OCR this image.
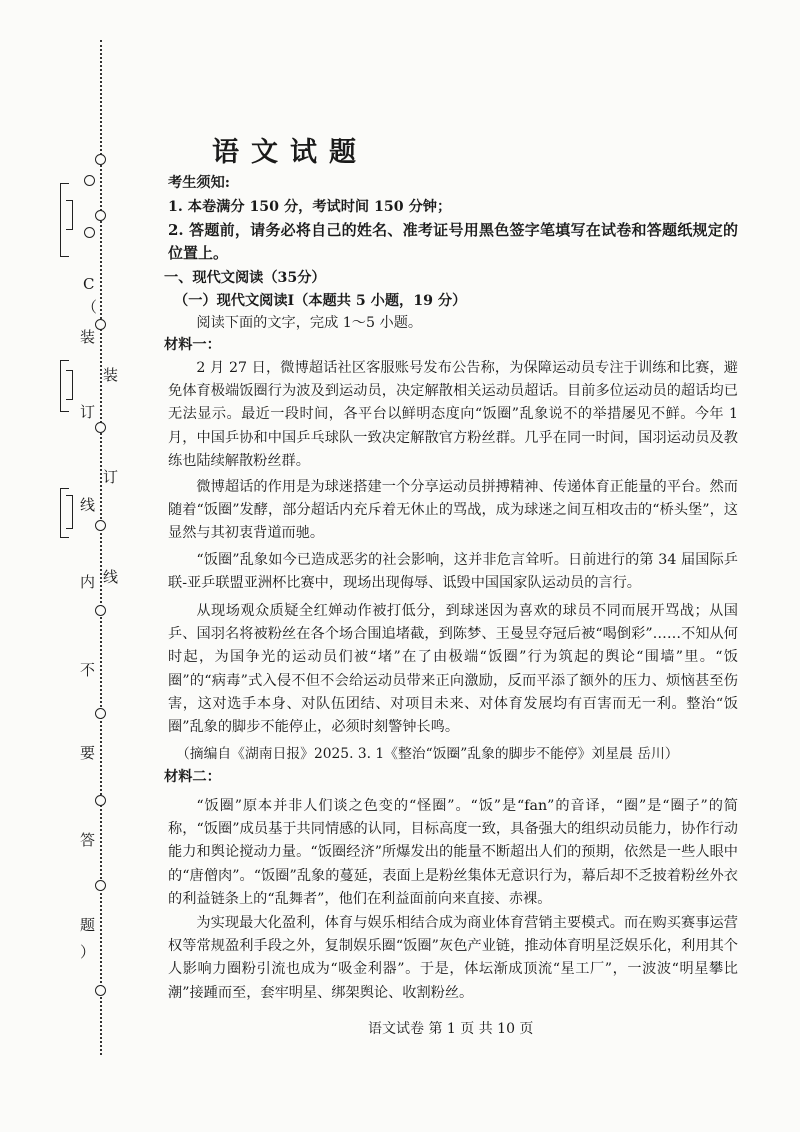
C
（
装
订
线
内
不
要
答
题
）
装
订
线
语文试题
考生须知:
1. 本卷满分 150 分，考试时间 150 分钟；
2. 答题前，请务必将自己的姓名、准考证号用黑色签字笔填写在试卷和答题纸规定的位置上。
一、现代文阅读（35分）
（一）现代文阅读Ⅰ（本题共 5 小题，19 分）
阅读下面的文字，完成 1～5 小题。
材料一：
2 月 27 日，微博超话社区客服账号发布公告称，为保障运动员专注于训练和比赛，避免体育极端饭圈行为波及到运动员，决定解散相关运动员超话。目前多位运动员的超话均已无法显示。最近一段时间，各平台以鲜明态度向“饭圈”乱象说不的举措屡见不鲜。今年 1 月，中国乒协和中国乒乓球队一致决定解散官方粉丝群。几乎在同一时间，国羽运动员及教练也陆续解散粉丝群。
微博超话的作用是为球迷搭建一个分享运动员拼搏精神、传递体育正能量的平台。然而随着“饭圈”发酵，部分超话内充斥着无休止的骂战，成为球迷之间互相攻击的“桥头堡”，这显然与其初衷背道而驰。
“饭圈”乱象如今已造成恶劣的社会影响，这并非危言耸听。日前进行的第 34 届国际乒联-亚乒联盟亚洲杯比赛中，现场出现侮辱、诋毁中国国家队运动员的言行。
从现场观众质疑全红婵动作被打低分，到球迷因为喜欢的球员不同而展开骂战；从国乒、国羽名将被粉丝在各个场合围追堵截，到陈梦、王曼昱夺冠后被“喝倒彩”……不知从何时起，为国争光的运动员们被“堵”在了由极端“饭圈”行为筑起的舆论“围墙”里。“饭圈”的“病毒”式入侵不但不会给运动员带来正向激励，反而平添了额外的压力、烦恼甚至伤害，这对选手本身、对队伍团结、对项目未来、对体育发展均有百害而无一利。整治“饭圈”乱象的脚步不能停止，必须时刻警钟长鸣。
（摘编自《湖南日报》2025. 3. 1《整治“饭圈”乱象的脚步不能停》刘星晨 岳川）
材料二：
“饭圈”原本并非人们谈之色变的“怪圈”。“饭”是“fan”的音译，“圈”是“圈子”的简称，“饭圈”成员基于共同情感的认同，目标高度一致，具备强大的组织动员能力，协作行动能力和舆论搅动力量。“饭圈经济”所爆发出的能量不断超出人们的预期，依然是一些人眼中的“唐僧肉”。“饭圈”乱象的蔓延，表面上是粉丝集体无意识行为，幕后却不乏披着粉丝外衣的利益链条上的“乱舞者”，他们在利益面前向来直接、赤裸。
为实现最大化盈利，体育与娱乐相结合成为商业体育营销主要模式。而在购买赛事运营权等常规盈利手段之外，复制娱乐圈“饭圈”灰色产业链，推动体育明星泛娱乐化，利用其个人影响力圈粉引流也成为“吸金利器”。于是，体坛渐成顶流“星工厂”，一波波“明星攀比潮”接踵而至，套牢明星、绑架舆论、收割粉丝。
语文试卷 第 1 页 共 10 页
